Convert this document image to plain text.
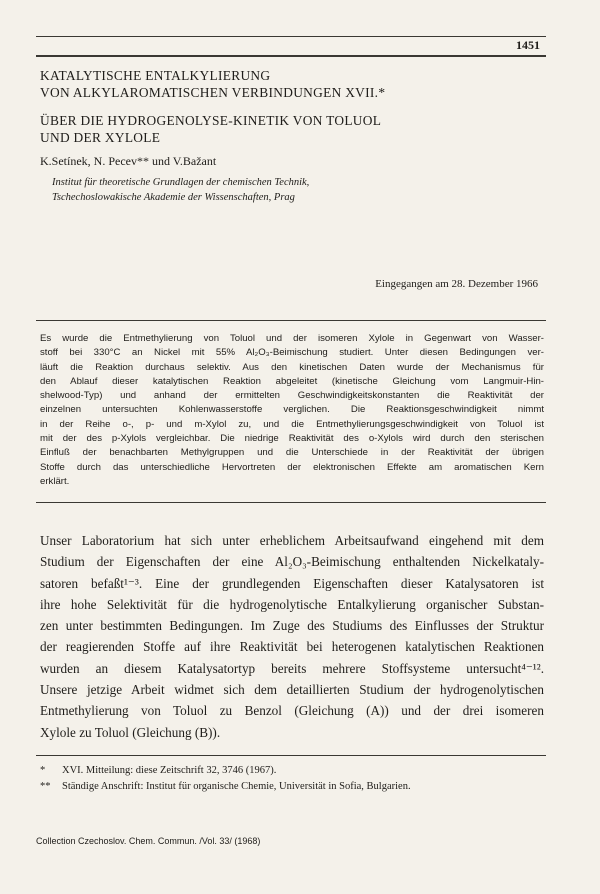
1451
KATALYTISCHE ENTALKYLIERUNG
VON ALKYLAROMATISCHEN VERBINDUNGEN XVII.*
ÜBER DIE HYDROGENOLYSE-KINETIK VON TOLUOL
UND DER XYLOLE
K.Setínek, N. Pecev** und V.Bažant
Institut für theoretische Grundlagen der chemischen Technik,
Tschechoslowakische Akademie der Wissenschaften, Prag
Eingegangen am 28. Dezember 1966
Es wurde die Entmethylierung von Toluol und der isomeren Xylole in Gegenwart von Wasser-
stoff bei 330°C an Nickel mit 55% Al₂O₃-Beimischung studiert. Unter diesen Bedingungen ver-
läuft die Reaktion durchaus selektiv. Aus den kinetischen Daten wurde der Mechanismus für
den Ablauf dieser katalytischen Reaktion abgeleitet (kinetische Gleichung vom Langmuir-Hin-
shelwood-Typ) und anhand der ermittelten Geschwindigkeitskonstanten die Reaktivität der
einzelnen untersuchten Kohlenwasserstoffe verglichen. Die Reaktionsgeschwindigkeit nimmt
in der Reihe o-, p- und m-Xylol zu, und die Entmethylierungsgeschwindigkeit von Toluol ist
mit der des p-Xylols vergleichbar. Die niedrige Reaktivität des o-Xylols wird durch den sterischen
Einfluß der benachbarten Methylgruppen und die Unterschiede in der Reaktivität der übrigen
Stoffe durch das unterschiedliche Hervortreten der elektronischen Effekte am aromatischen Kern
erklärt.
Unser Laboratorium hat sich unter erheblichem Arbeitsaufwand eingehend mit dem
Studium der Eigenschaften der eine Al₂O₃-Beimischung enthaltenden Nickelkataly-
satoren befaßt¹⁻³. Eine der grundlegenden Eigenschaften dieser Katalysatoren ist
ihre hohe Selektivität für die hydrogenolytische Entalkylierung organischer Substan-
zen unter bestimmten Bedingungen. Im Zuge des Studiums des Einflusses der Struktur
der reagierenden Stoffe auf ihre Reaktivität bei heterogenen katalytischen Reaktionen
wurden an diesem Katalysatortyp bereits mehrere Stoffsysteme untersucht⁴⁻¹².
Unsere jetzige Arbeit widmet sich dem detaillierten Studium der hydrogenolytischen
Entmethylierung von Toluol zu Benzol (Gleichung (A)) und der drei isomeren
Xylole zu Toluol (Gleichung (B)).
* XVI. Mitteilung: diese Zeitschrift 32, 3746 (1967).
** Ständige Anschrift: Institut für organische Chemie, Universität in Sofia, Bulgarien.
Collection Czechoslov. Chem. Commun. /Vol. 33/ (1968)
